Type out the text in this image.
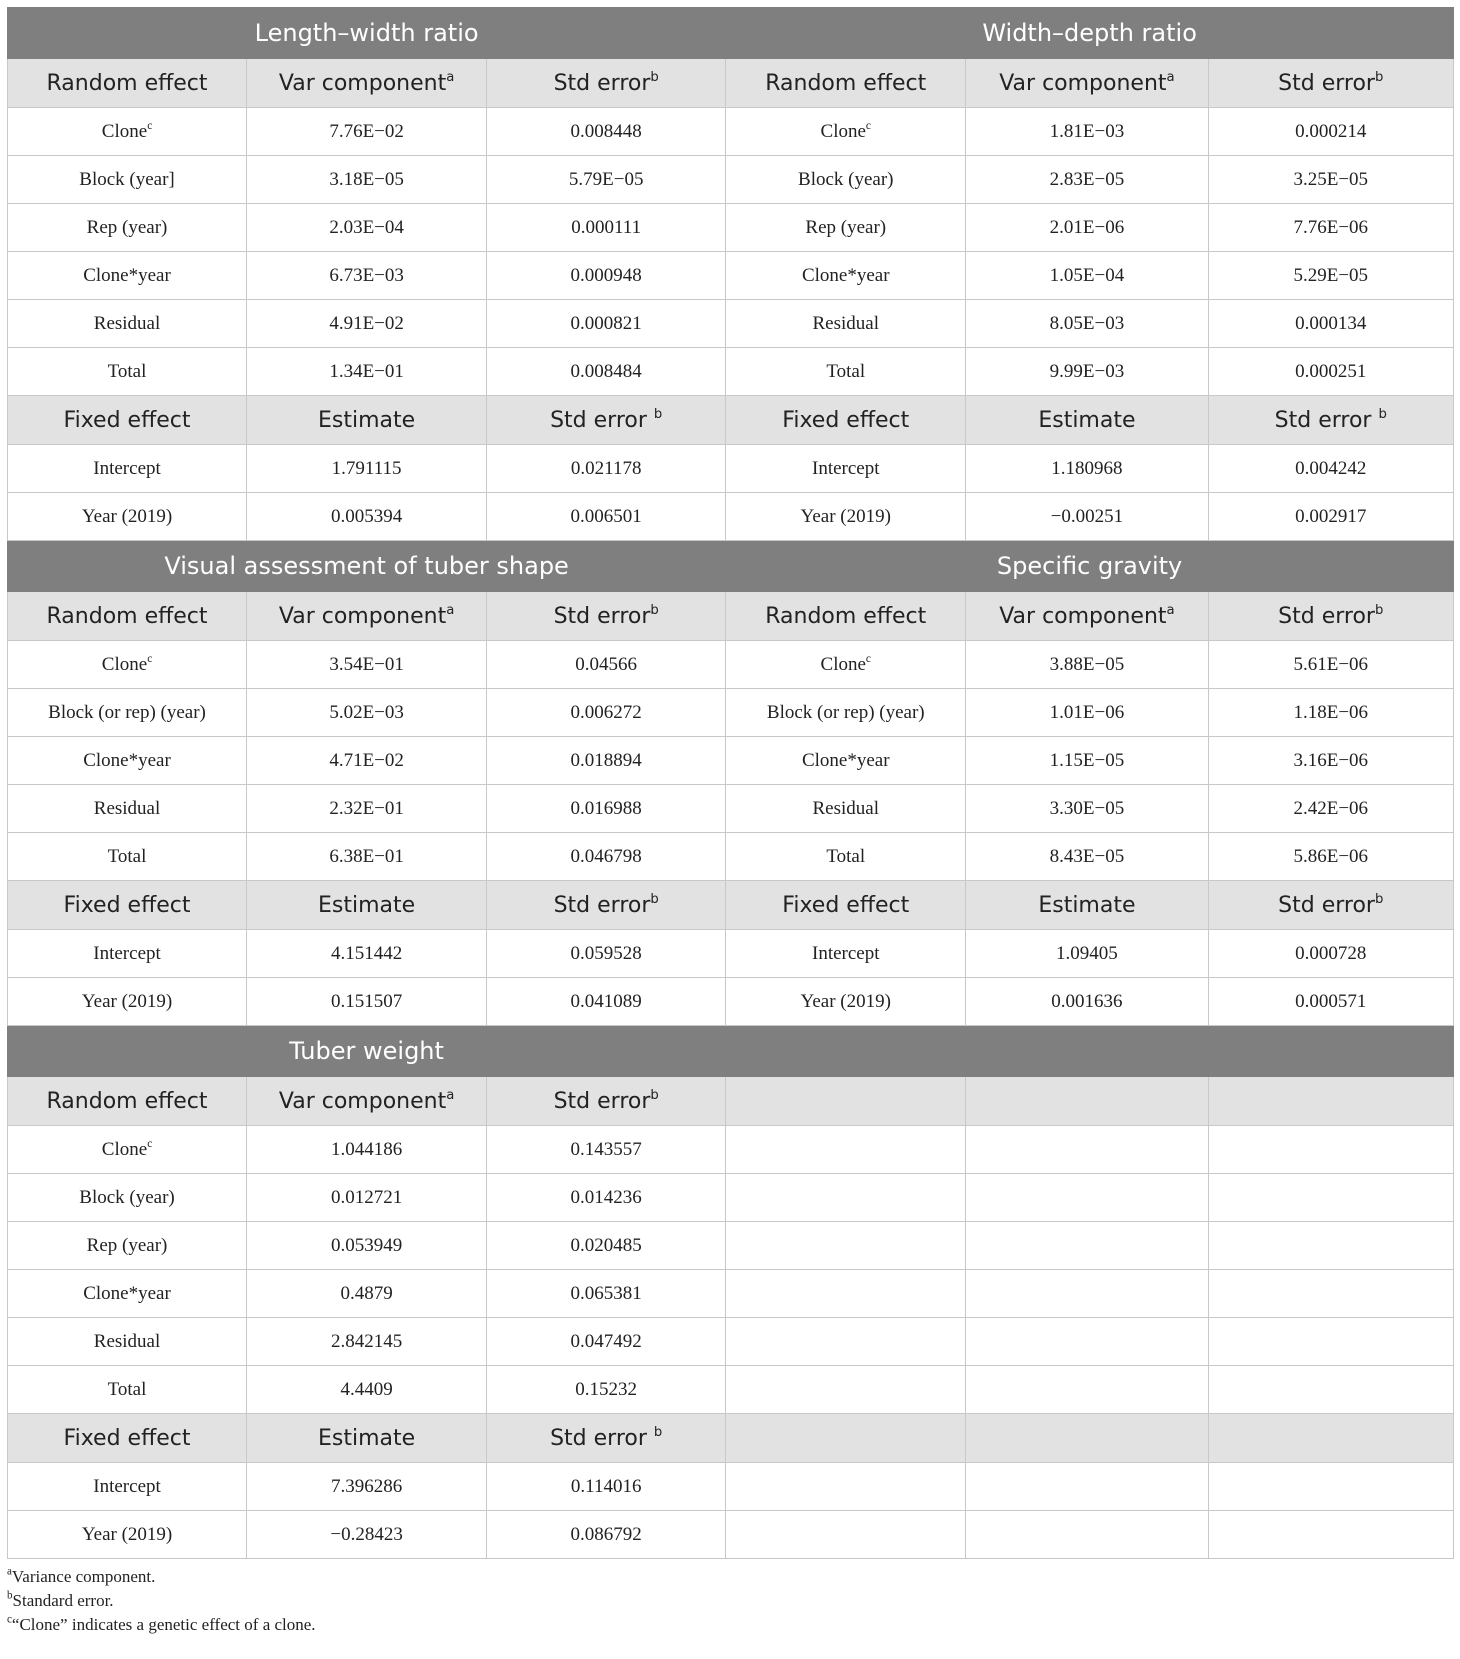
Length–width ratio			Width–depth ratio		
Random effect	Var component$^a$	Std error$^b$	Random effect	Var component$^a$	Std error$^b$
Clone$^c$	7.76E−02	0.008448	Clone$^c$	1.81E−03	0.000214
Block (year]	3.18E−05	5.79E−05	Block (year)	2.83E−05	3.25E−05
Rep (year)	2.03E−04	0.000111	Rep (year)	2.01E−06	7.76E−06
Clone*year	6.73E−03	0.000948	Clone*year	1.05E−04	5.29E−05
Residual	4.91E−02	0.000821	Residual	8.05E−03	0.000134
Total	1.34E−01	0.008484	Total	9.99E−03	0.000251
Fixed effect	Estimate	Std error $^b$	Fixed effect	Estimate	Std error $^b$
Intercept	1.791115	0.021178	Intercept	1.180968	0.004242
Year (2019)	0.005394	0.006501	Year (2019)	−0.00251	0.002917
Visual assessment of tuber shape			Specific gravity		
Random effect	Var component$^a$	Std error$^b$	Random effect	Var component$^a$	Std error$^b$
Clone$^c$	3.54E−01	0.04566	Clone$^c$	3.88E−05	5.61E−06
Block (or rep) (year)	5.02E−03	0.006272	Block (or rep) (year)	1.01E−06	1.18E−06
Clone*year	4.71E−02	0.018894	Clone*year	1.15E−05	3.16E−06
Residual	2.32E−01	0.016988	Residual	3.30E−05	2.42E−06
Total	6.38E−01	0.046798	Total	8.43E−05	5.86E−06
Fixed effect	Estimate	Std error$^b$	Fixed effect	Estimate	Std error$^b$
Intercept	4.151442	0.059528	Intercept	1.09405	0.000728
Year (2019)	0.151507	0.041089	Year (2019)	0.001636	0.000571
Tuber weight					
Random effect	Var component$^a$	Std error$^b$			
Clone$^c$	1.044186	0.143557			
Block (year)	0.012721	0.014236			
Rep (year)	0.053949	0.020485			
Clone*year	0.4879	0.065381			
Residual	2.842145	0.047492			
Total	4.4409	0.15232			
Fixed effect	Estimate	Std error $^b$			
Intercept	7.396286	0.114016			
Year (2019)	−0.28423	0.086792			
$^a$Variance component.
$^b$Standard error.
$^c$“Clone” indicates a genetic effect of a clone.
